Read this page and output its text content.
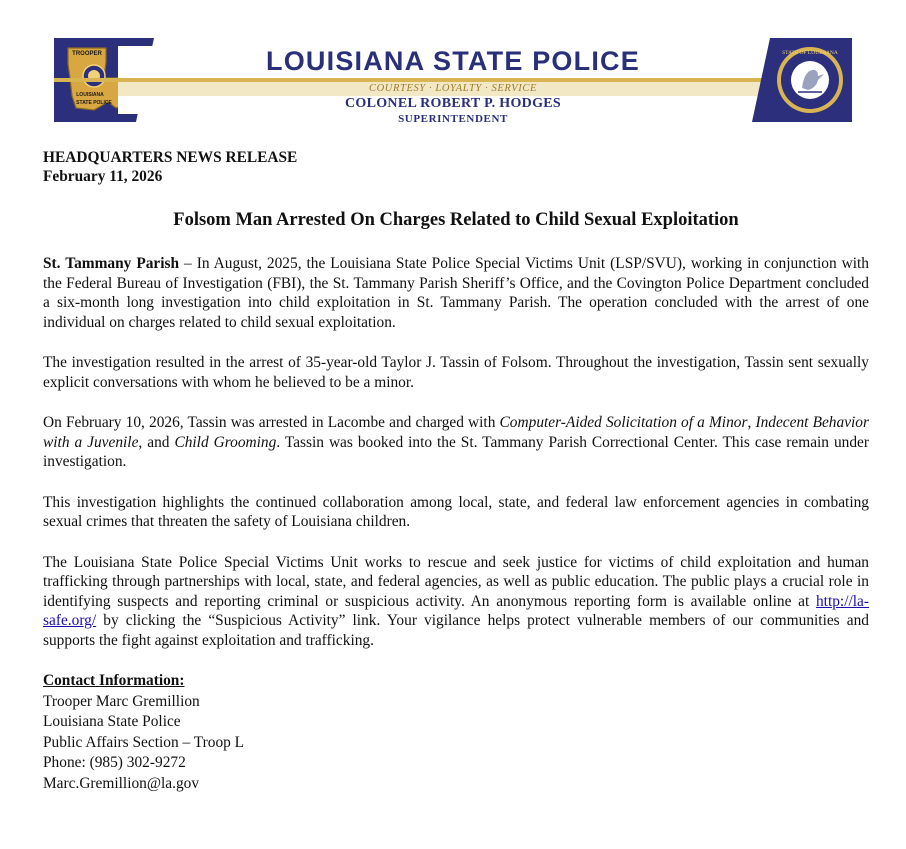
TROOPER
LOUISIANA
STATE POLICE
LOUISIANA STATE POLICE
COURTESY · LOYALTY · SERVICE
COLONEL ROBERT P. HODGES
SUPERINTENDENT
STATE OF LOUISIANA
HEADQUARTERS NEWS RELEASE
February 11, 2026
Folsom Man Arrested On Charges Related to Child Sexual Exploitation

St. Tammany Parish – In August, 2025, the Louisiana State Police Special Victims Unit (LSP/SVU), working in conjunction with the Federal Bureau of Investigation (FBI), the St. Tammany Parish Sheriff’s Office, and the Covington Police Department concluded a six-month long investigation into child exploitation in St. Tammany Parish. The operation concluded with the arrest of one individual on charges related to child sexual exploitation.

The investigation resulted in the arrest of 35-year-old Taylor J. Tassin of Folsom. Throughout the investigation, Tassin sent sexually explicit conversations with whom he believed to be a minor.

On February 10, 2026, Tassin was arrested in Lacombe and charged with Computer-Aided Solicitation of a Minor, Indecent Behavior with a Juvenile, and Child Grooming. Tassin was booked into the St. Tammany Parish Correctional Center. This case remain under investigation.

This investigation highlights the continued collaboration among local, state, and federal law enforcement agencies in combating sexual crimes that threaten the safety of Louisiana children.

The Louisiana State Police Special Victims Unit works to rescue and seek justice for victims of child exploitation and human trafficking through partnerships with local, state, and federal agencies, as well as public education. The public plays a crucial role in identifying suspects and reporting criminal or suspicious activity. An anonymous reporting form is available online at http://la-safe.org/ by clicking the “Suspicious Activity” link. Your vigilance helps protect vulnerable members of our communities and supports the fight against exploitation and trafficking.

Contact Information:
Trooper Marc Gremillion
Louisiana State Police
Public Affairs Section – Troop L
Phone: (985) 302-9272
Marc.Gremillion@la.gov
